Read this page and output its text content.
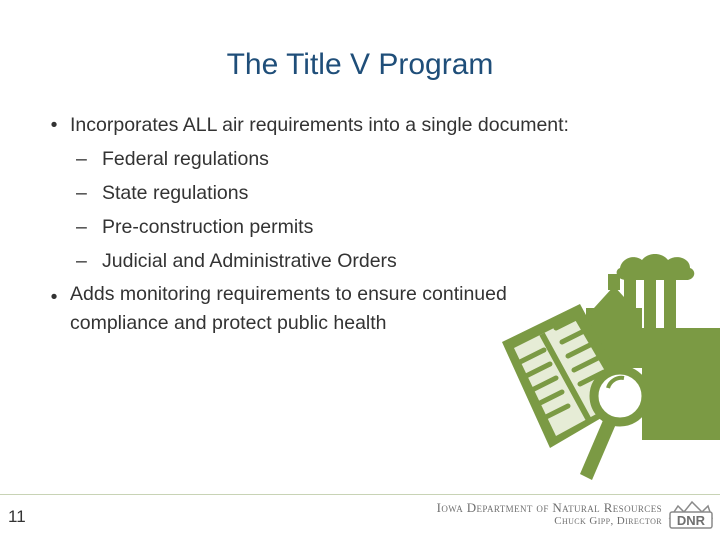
The Title V Program
• Incorporates ALL air requirements into a single document:
– Federal regulations
– State regulations
– Pre-construction permits
– Judicial and Administrative Orders
• Adds monitoring requirements to ensure continued compliance and protect public health
11	Iowa Department of Natural Resources
Chuck Gipp, Director DNR
